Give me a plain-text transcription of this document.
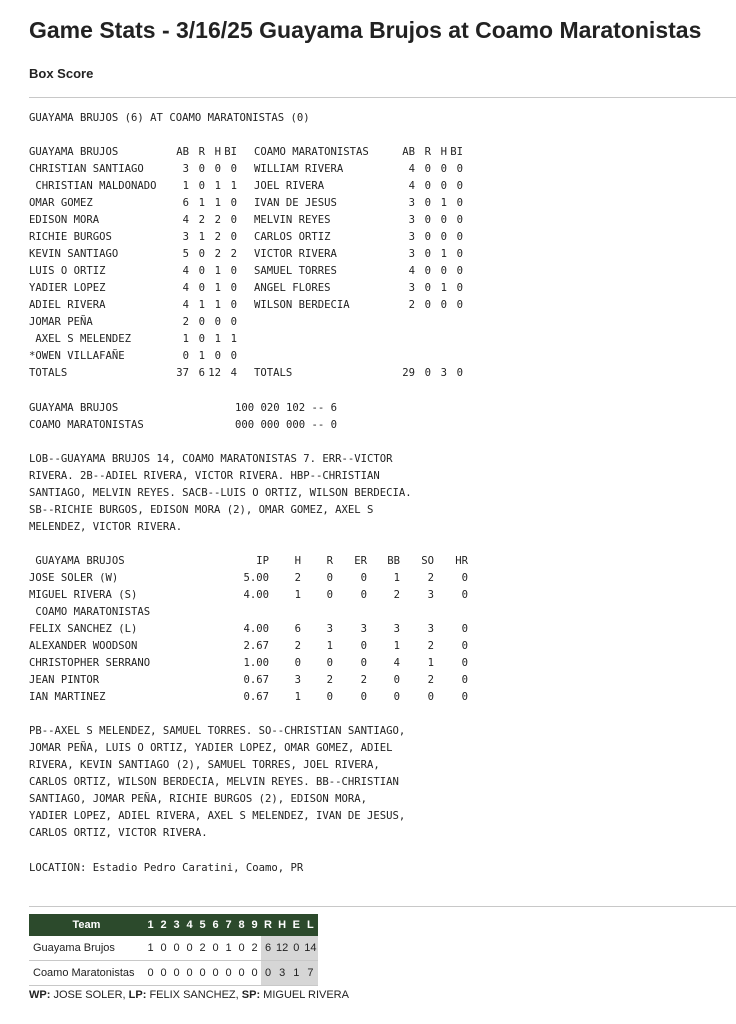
Game Stats - 3/16/25 Guayama Brujos at Coamo Maratonistas
Box Score
GUAYAMA BRUJOS (6) AT COAMO MARATONISTAS (0)
GUAYAMA BRUJOS	AB	R	H	BI		COAMO MARATONISTAS	AB	R	H	BI
CHRISTIAN SANTIAGO	3	0	0	0		WILLIAM RIVERA	4	0	0	0
CHRISTIAN MALDONADO	1	0	1	1		JOEL RIVERA	4	0	0	0
OMAR GOMEZ	6	1	1	0		IVAN DE JESUS	3	0	1	0
EDISON MORA	4	2	2	0		MELVIN REYES	3	0	0	0
RICHIE BURGOS	3	1	2	0		CARLOS ORTIZ	3	0	0	0
KEVIN SANTIAGO	5	0	2	2		VICTOR RIVERA	3	0	1	0
LUIS O ORTIZ	4	0	1	0		SAMUEL TORRES	4	0	0	0
YADIER LOPEZ	4	0	1	0		ANGEL FLORES	3	0	1	0
ADIEL RIVERA	4	1	1	0		WILSON BERDECIA	2	0	0	0
JOMAR PEÑA	2	0	0	0						
AXEL S MELENDEZ	1	0	1	1						
*OWEN VILLAFAÑE	0	1	0	0						
TOTALS	37	6	12	4		TOTALS	29	0	3	0
GUAYAMA BRUJOS	100 020 102 -- 6
COAMO MARATONISTAS	000 000 000 -- 0
LOB--GUAYAMA BRUJOS 14, COAMO MARATONISTAS 7. ERR--VICTOR
RIVERA. 2B--ADIEL RIVERA, VICTOR RIVERA. HBP--CHRISTIAN
SANTIAGO, MELVIN REYES. SACB--LUIS O ORTIZ, WILSON BERDECIA.
SB--RICHIE BURGOS, EDISON MORA (2), OMAR GOMEZ, AXEL S
MELENDEZ, VICTOR RIVERA.
GUAYAMA BRUJOS	IP	H	R	ER	BB	SO	HR
JOSE SOLER (W)	5.00	2	0	0	1	2	0
MIGUEL RIVERA (S)	4.00	1	0	0	2	3	0
COAMO MARATONISTAS							
FELIX SANCHEZ (L)	4.00	6	3	3	3	3	0
ALEXANDER WOODSON	2.67	2	1	0	1	2	0
CHRISTOPHER SERRANO	1.00	0	0	0	4	1	0
JEAN PINTOR	0.67	3	2	2	0	2	0
IAN MARTINEZ	0.67	1	0	0	0	0	0
PB--AXEL S MELENDEZ, SAMUEL TORRES. SO--CHRISTIAN SANTIAGO,
JOMAR PEÑA, LUIS O ORTIZ, YADIER LOPEZ, OMAR GOMEZ, ADIEL
RIVERA, KEVIN SANTIAGO (2), SAMUEL TORRES, JOEL RIVERA,
CARLOS ORTIZ, WILSON BERDECIA, MELVIN REYES. BB--CHRISTIAN
SANTIAGO, JOMAR PEÑA, RICHIE BURGOS (2), EDISON MORA,
YADIER LOPEZ, ADIEL RIVERA, AXEL S MELENDEZ, IVAN DE JESUS,
CARLOS ORTIZ, VICTOR RIVERA.
LOCATION: Estadio Pedro Caratini, Coamo, PR
Team	1	2	3	4	5	6	7	8	9	R	H	E	L
Guayama Brujos	1	0	0	0	2	0	1	0	2	6	12	0	14
Coamo Maratonistas	0	0	0	0	0	0	0	0	0	0	3	1	7
WP: JOSE SOLER, LP: FELIX SANCHEZ, SP: MIGUEL RIVERA
